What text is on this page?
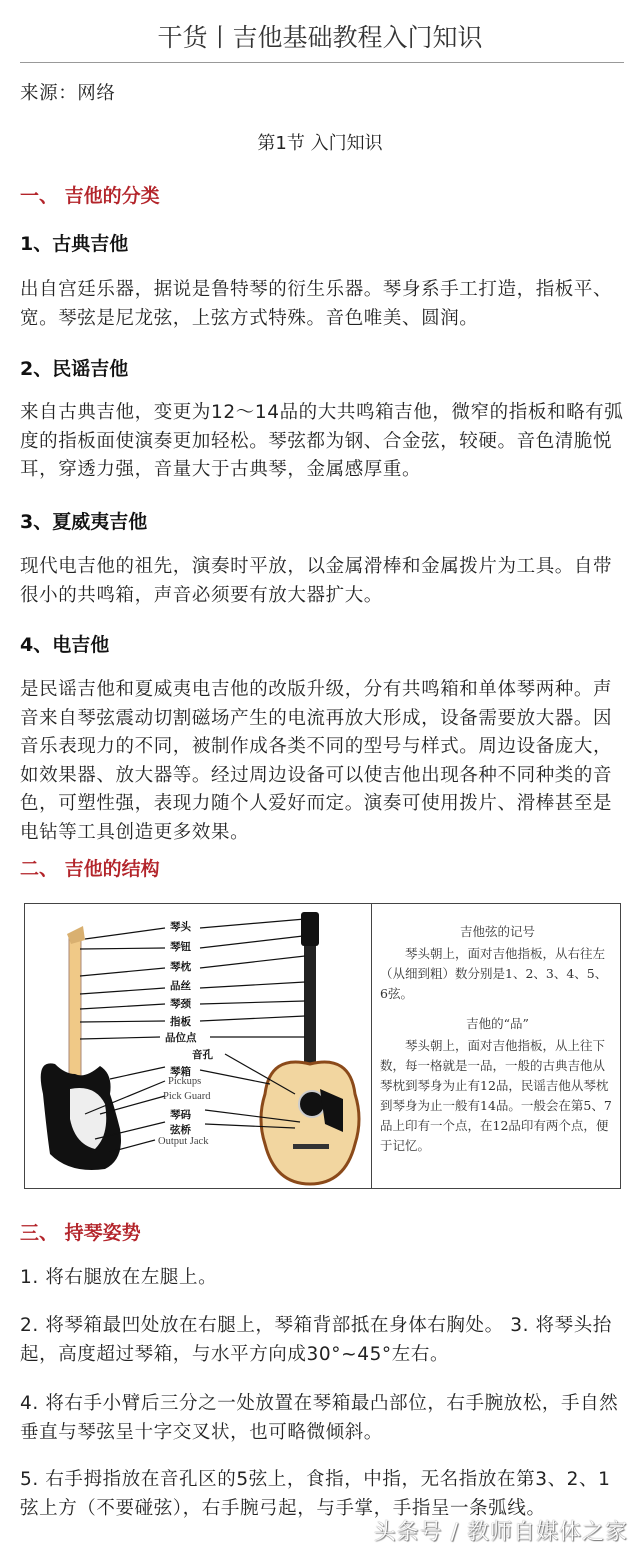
干货丨吉他基础教程入门知识
来源：网络
第1节 入门知识
一、 吉他的分类
1、古典吉他
出自宫廷乐器，据说是鲁特琴的衍生乐器。琴身系手工打造，指板平、宽。琴弦是尼龙弦，上弦方式特殊。音色唯美、圆润。
2、民谣吉他
来自古典吉他，变更为12～14品的大共鸣箱吉他，微窄的指板和略有弧度的指板面使演奏更加轻松。琴弦都为钢、合金弦，较硬。音色清脆悦耳，穿透力强，音量大于古典琴，金属感厚重。
3、夏威夷吉他
现代电吉他的祖先，演奏时平放，以金属滑棒和金属拨片为工具。自带很小的共鸣箱，声音必须要有放大器扩大。
4、电吉他
是民谣吉他和夏威夷电吉他的改版升级，分有共鸣箱和单体琴两种。声音来自琴弦震动切割磁场产生的电流再放大形成，设备需要放大器。因音乐表现力的不同，被制作成各类不同的型号与样式。周边设备庞大，如效果器、放大器等。经过周边设备可以使吉他出现各种不同种类的音色，可塑性强，表现力随个人爱好而定。演奏可使用拨片、滑棒甚至是电钻等工具创造更多效果。
二、 吉他的结构
琴头
琴钮
琴枕
品丝
琴颈
指板
品位点
音孔
琴箱
Pickups
Pick Guard
琴码
弦桥
Output Jack
吉他弦的记号

琴头朝上，面对吉他指板，从右往左（从细到粗）数分别是1、2、3、4、5、6弦。

吉他的“品”

琴头朝上，面对吉他指板，从上往下数，每一格就是一品，一般的古典吉他从琴枕到琴身为止有12品，民谣吉他从琴枕到琴身为止一般有14品。一般会在第5、7品上印有一个点，在12品印有两个点，便于记忆。

三、 持琴姿势
1. 将右腿放在左腿上。
2. 将琴箱最凹处放在右腿上，琴箱背部抵在身体右胸处。 3. 将琴头抬起，高度超过琴箱，与水平方向成30°~45°左右。
4. 将右手小臂后三分之一处放置在琴箱最凸部位，右手腕放松，手自然垂直与琴弦呈十字交叉状，也可略微倾斜。
5. 右手拇指放在音孔区的5弦上，食指，中指，无名指放在第3、2、1弦上方（不要碰弦），右手腕弓起，与手掌，手指呈一条弧线。
头条号 / 教师自媒体之家
